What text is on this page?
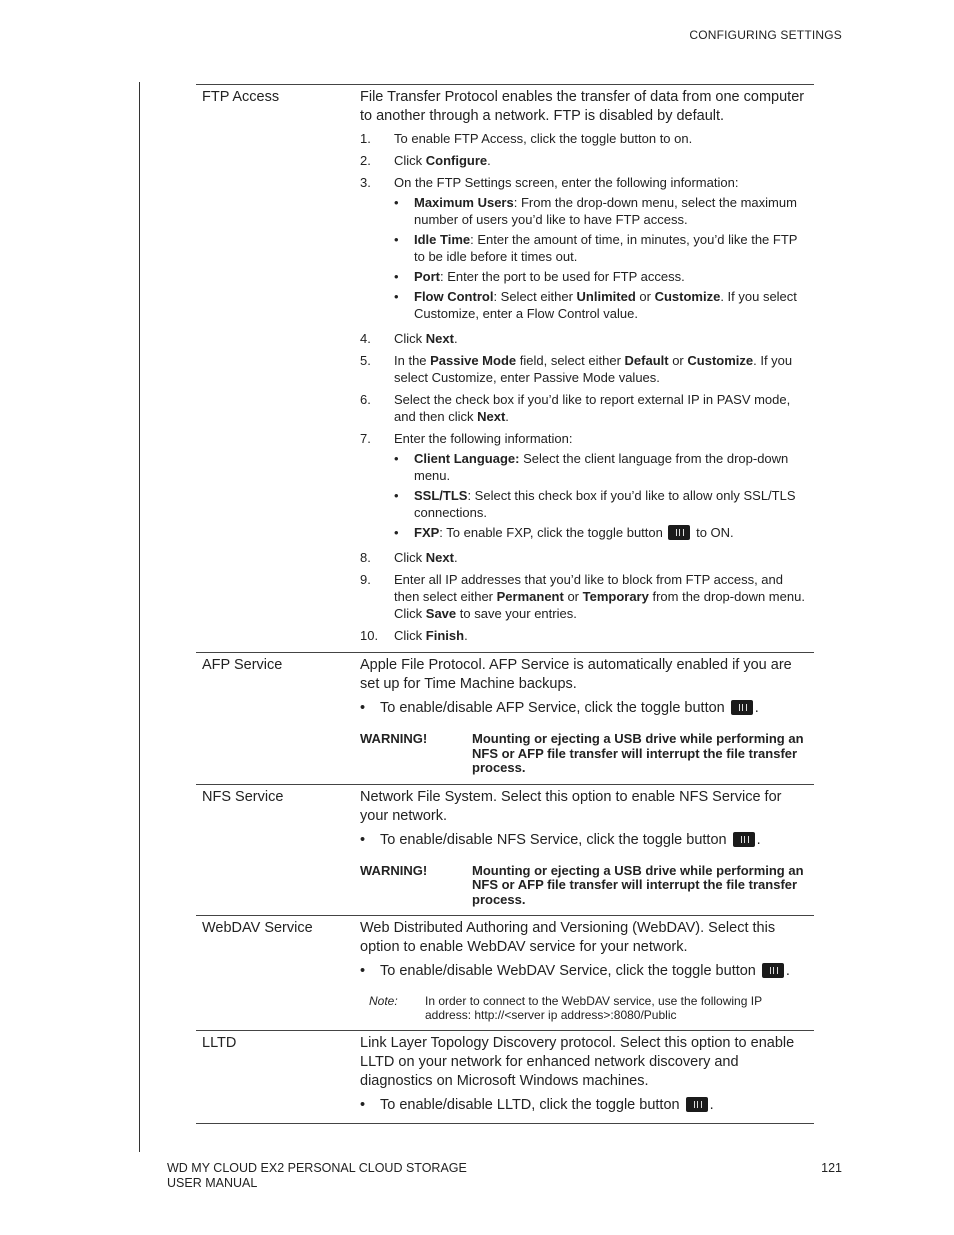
CONFIGURING SETTINGS
FTP Access	File Transfer Protocol enables the transfer of data from one computer to another through a network. FTP is disabled by default.
1.	To enable FTP Access, click the toggle button to on.
2.	Click Configure.
3.	On the FTP Settings screen, enter the following information:
•	Maximum Users: From the drop-down menu, select the maximum number of users you’d like to have FTP access.
•	Idle Time: Enter the amount of time, in minutes, you’d like the FTP to be idle before it times out.
•	Port: Enter the port to be used for FTP access.
•	Flow Control: Select either Unlimited or Customize. If you select Customize, enter a Flow Control value.
4.	Click Next.
5.	In the Passive Mode field, select either Default or Customize. If you select Customize, enter Passive Mode values.
6.	Select the check box if you’d like to report external IP in PASV mode, and then click Next.
7.	Enter the following information:
•	Client Language: Select the client language from the drop-down menu.
•	SSL/TLS: Select this check box if you’d like to allow only SSL/TLS connections.
•	FXP: To enable FXP, click the toggle button  to ON.
8.	Click Next.
9.	Enter all IP addresses that you’d like to block from FTP access, and then select either Permanent or Temporary from the drop-down menu. Click Save to save your entries.
10.	Click Finish.
AFP Service	Apple File Protocol. AFP Service is automatically enabled if you are set up for Time Machine backups.
•	To enable/disable AFP Service, click the toggle button .
WARNING!	Mounting or ejecting a USB drive while performing an NFS or AFP file transfer will interrupt the file transfer process.
NFS Service	Network File System. Select this option to enable NFS Service for your network.
•	To enable/disable NFS Service, click the toggle button .
WARNING!	Mounting or ejecting a USB drive while performing an NFS or AFP file transfer will interrupt the file transfer process.
WebDAV Service	Web Distributed Authoring and Versioning (WebDAV). Select this option to enable WebDAV service for your network.
•	To enable/disable WebDAV Service, click the toggle button .
Note:	In order to connect to the WebDAV service, use the following IP address: http://<server ip address>:8080/Public
LLTD	Link Layer Topology Discovery protocol. Select this option to enable LLTD on your network for enhanced network discovery and diagnostics on Microsoft Windows machines.
•	To enable/disable LLTD, click the toggle button .
WD MY CLOUD EX2 PERSONAL CLOUD STORAGE
USER MANUAL
121
